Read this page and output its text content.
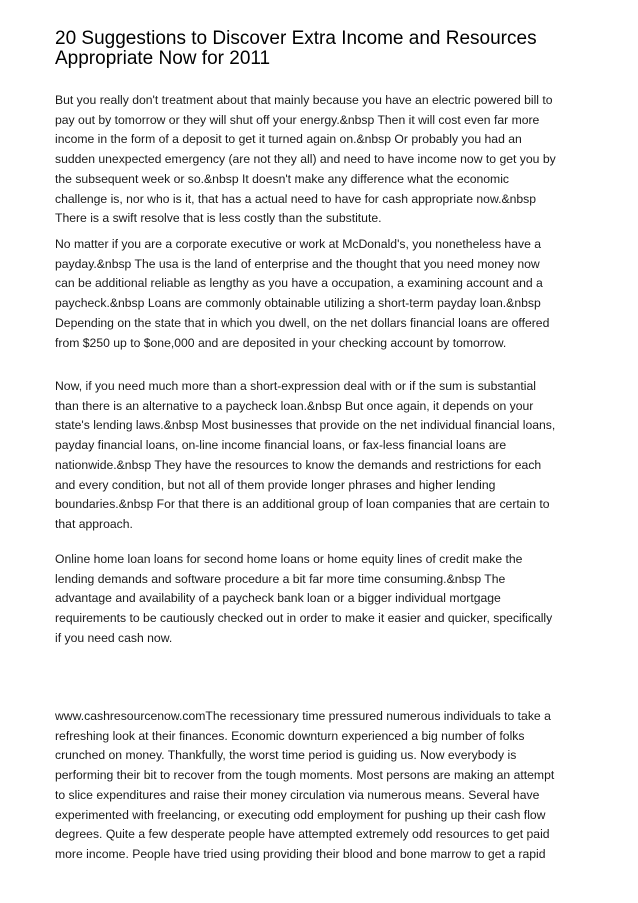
20 Suggestions to Discover Extra Income and Resources
Appropriate Now for 2011

But you really don't treatment about that mainly because you have an electric powered bill to
pay out by tomorrow or they will shut off your energy.&nbsp Then it will cost even far more
income in the form of a deposit to get it turned again on.&nbsp Or probably you had an
sudden unexpected emergency (are not they all) and need to have income now to get you by
the subsequent week or so.&nbsp It doesn't make any difference what the economic
challenge is, nor who is it, that has a actual need to have for cash appropriate now.&nbsp
There is a swift resolve that is less costly than the substitute.

No matter if you are a corporate executive or work at McDonald's, you nonetheless have a
payday.&nbsp The usa is the land of enterprise and the thought that you need money now
can be additional reliable as lengthy as you have a occupation, a examining account and a
paycheck.&nbsp Loans are commonly obtainable utilizing a short-term payday loan.&nbsp
Depending on the state that in which you dwell, on the net dollars financial loans are offered
from $250 up to $one,000 and are deposited in your checking account by tomorrow.

Now, if you need much more than a short-expression deal with or if the sum is substantial
than there is an alternative to a paycheck loan.&nbsp But once again, it depends on your
state's lending laws.&nbsp Most businesses that provide on the net individual financial loans,
payday financial loans, on-line income financial loans, or fax-less financial loans are
nationwide.&nbsp They have the resources to know the demands and restrictions for each
and every condition, but not all of them provide longer phrases and higher lending
boundaries.&nbsp For that there is an additional group of loan companies that are certain to
that approach.

Online home loan loans for second home loans or home equity lines of credit make the
lending demands and software procedure a bit far more time consuming.&nbsp The
advantage and availability of a paycheck bank loan or a bigger individual mortgage
requirements to be cautiously checked out in order to make it easier and quicker, specifically
if you need cash now.

www.cashresourcenow.comThe recessionary time pressured numerous individuals to take a
refreshing look at their finances. Economic downturn experienced a big number of folks
crunched on money. Thankfully, the worst time period is guiding us. Now everybody is
performing their bit to recover from the tough moments. Most persons are making an attempt
to slice expenditures and raise their money circulation via numerous means. Several have
experimented with freelancing, or executing odd employment for pushing up their cash flow
degrees. Quite a few desperate people have attempted extremely odd resources to get paid
more income. People have tried using providing their blood and bone marrow to get a rapid
